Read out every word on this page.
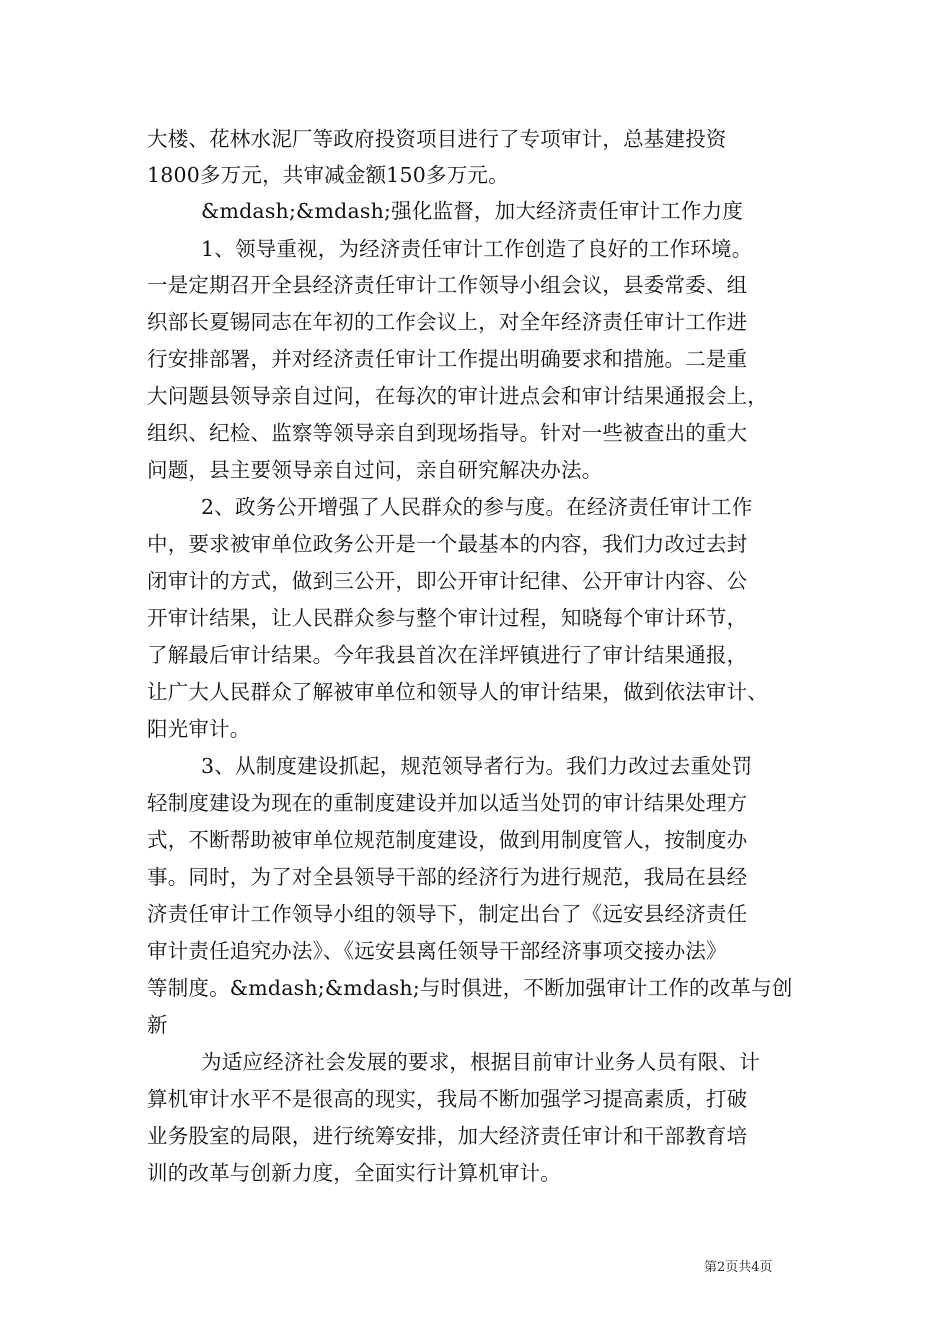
大楼、花林水泥厂等政府投资项目进行了专项审计，总基建投资
1800多万元，共审减金额150多万元。
&mdash;&mdash;强化监督，加大经济责任审计工作力度
1、领导重视，为经济责任审计工作创造了良好的工作环境。
一是定期召开全县经济责任审计工作领导小组会议，县委常委、组
织部长夏锡同志在年初的工作会议上，对全年经济责任审计工作进
行安排部署，并对经济责任审计工作提出明确要求和措施。二是重
大问题县领导亲自过问，在每次的审计进点会和审计结果通报会上，
组织、纪检、监察等领导亲自到现场指导。针对一些被查出的重大
问题，县主要领导亲自过问，亲自研究解决办法。
2、政务公开增强了人民群众的参与度。在经济责任审计工作
中，要求被审单位政务公开是一个最基本的内容，我们力改过去封
闭审计的方式，做到三公开，即公开审计纪律、公开审计内容、公
开审计结果，让人民群众参与整个审计过程，知晓每个审计环节，
了解最后审计结果。今年我县首次在洋坪镇进行了审计结果通报，
让广大人民群众了解被审单位和领导人的审计结果，做到依法审计、
阳光审计。
3、从制度建设抓起，规范领导者行为。我们力改过去重处罚
轻制度建设为现在的重制度建设并加以适当处罚的审计结果处理方
式，不断帮助被审单位规范制度建设，做到用制度管人，按制度办
事。同时，为了对全县领导干部的经济行为进行规范，我局在县经
济责任审计工作领导小组的领导下，制定出台了《远安县经济责任
审计责任追究办法》、《远安县离任领导干部经济事项交接办法》
等制度。&mdash;&mdash;与时俱进，不断加强审计工作的改革与创
新
为适应经济社会发展的要求，根据目前审计业务人员有限、计
算机审计水平不是很高的现实，我局不断加强学习提高素质，打破
业务股室的局限，进行统筹安排，加大经济责任审计和干部教育培
训的改革与创新力度，全面实行计算机审计。
第2页共4页
